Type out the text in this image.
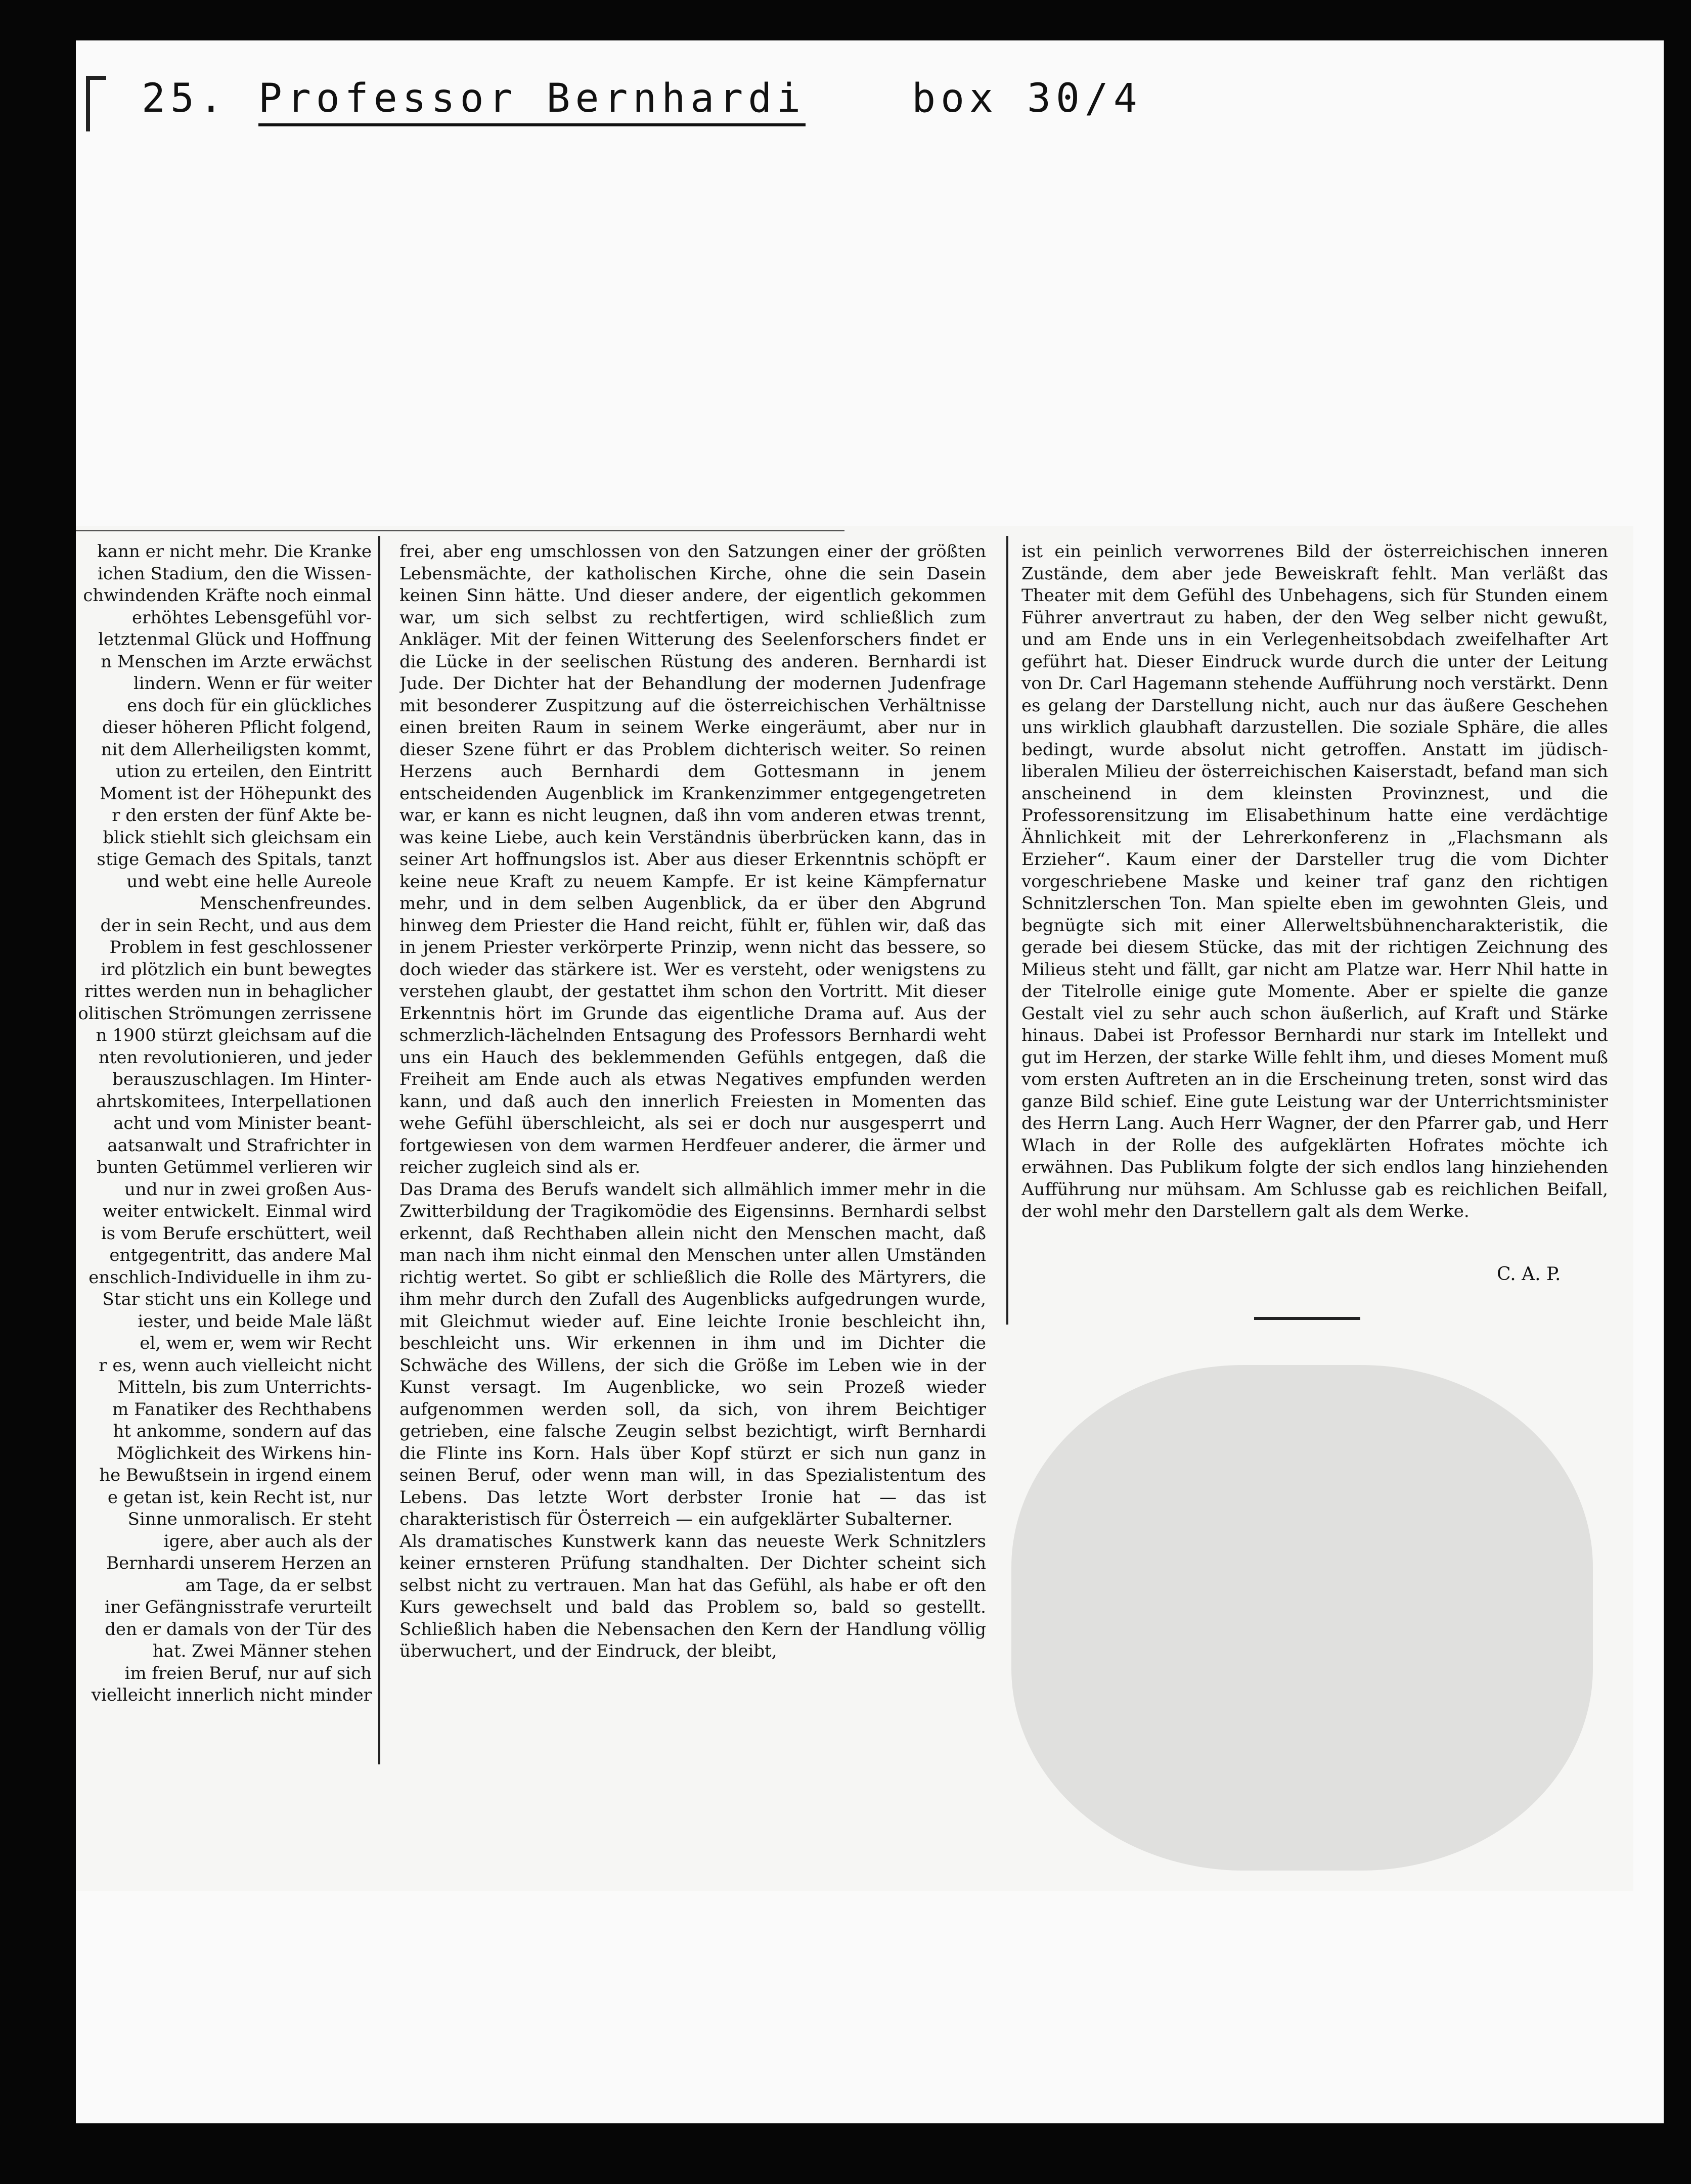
25. Professor Bernhardi	box 30/4
kann er nicht mehr. Die Kranke
ichen Stadium, den die Wissen-
chwindenden Kräfte noch einmal
erhöhtes Lebensgefühl vor-
letztenmal Glück und Hoffnung
n Menschen im Arzte erwächst
lindern. Wenn er für weiter
ens doch für ein glückliches
dieser höheren Pflicht folgend,
nit dem Allerheiligsten kommt,
ution zu erteilen, den Eintritt
Moment ist der Höhepunkt des
r den ersten der fünf Akte be-
blick stiehlt sich gleichsam ein
stige Gemach des Spitals, tanzt
und webt eine helle Aureole
Menschenfreundes.
der in sein Recht, und aus dem
Problem in fest geschlossener
ird plötzlich ein bunt bewegtes
rittes werden nun in behaglicher
olitischen Strömungen zerrissene
n 1900 stürzt gleichsam auf die
nten revolutionieren, und jeder
berauszuschlagen. Im Hinter-
ahrtskomitees, Interpellationen
acht und vom Minister beant-
aatsanwalt und Strafrichter in
bunten Getümmel verlieren wir
und nur in zwei großen Aus-
weiter entwickelt. Einmal wird
is vom Berufe erschüttert, weil
entgegentritt, das andere Mal
enschlich-Individuelle in ihm zu-
Star sticht uns ein Kollege und
iester, und beide Male läßt
el, wem er, wem wir Recht
r es, wenn auch vielleicht nicht
Mitteln, bis zum Unterrichts-
m Fanatiker des Rechthabens
ht ankomme, sondern auf das
Möglichkeit des Wirkens hin-
he Bewußtsein in irgend einem
e getan ist, kein Recht ist, nur
Sinne unmoralisch. Er steht
igere, aber auch als der
Bernhardi unserem Herzen an
am Tage, da er selbst
iner Gefängnisstrafe verurteilt
den er damals von der Tür des
hat. Zwei Männer stehen
im freien Beruf, nur auf sich
vielleicht innerlich nicht minder
frei, aber eng umschlossen von den Satzungen einer der größten Lebensmächte, der katholischen Kirche, ohne die sein Dasein keinen Sinn hätte. Und dieser andere, der eigentlich gekommen war, um sich selbst zu rechtfertigen, wird schließlich zum Ankläger. Mit der feinen Witterung des Seelenforschers findet er die Lücke in der seelischen Rüstung des anderen. Bernhardi ist Jude. Der Dichter hat der Behandlung der modernen Judenfrage mit besonderer Zuspitzung auf die österreichischen Verhältnisse einen breiten Raum in seinem Werke eingeräumt, aber nur in dieser Szene führt er das Problem dichterisch weiter. So reinen Herzens auch Bernhardi dem Gottesmann in jenem entscheidenden Augenblick im Krankenzimmer entgegengetreten war, er kann es nicht leugnen, daß ihn vom anderen etwas trennt, was keine Liebe, auch kein Verständnis überbrücken kann, das in seiner Art hoffnungslos ist. Aber aus dieser Erkenntnis schöpft er keine neue Kraft zu neuem Kampfe. Er ist keine Kämpfernatur mehr, und in dem selben Augenblick, da er über den Abgrund hinweg dem Priester die Hand reicht, fühlt er, fühlen wir, daß das in jenem Priester verkörperte Prinzip, wenn nicht das bessere, so doch wieder das stärkere ist. Wer es versteht, oder wenigstens zu verstehen glaubt, der gestattet ihm schon den Vortritt. Mit dieser Erkenntnis hört im Grunde das eigentliche Drama auf. Aus der schmerzlich-lächelnden Entsagung des Professors Bernhardi weht uns ein Hauch des beklemmenden Gefühls entgegen, daß die Freiheit am Ende auch als etwas Negatives empfunden werden kann, und daß auch den innerlich Freiesten in Momenten das wehe Gefühl überschleicht, als sei er doch nur ausgesperrt und fortgewiesen von dem warmen Herdfeuer anderer, die ärmer und reicher zugleich sind als er.
Das Drama des Berufs wandelt sich allmählich immer mehr in die Zwitterbildung der Tragikomödie des Eigensinns. Bernhardi selbst erkennt, daß Rechthaben allein nicht den Menschen macht, daß man nach ihm nicht einmal den Menschen unter allen Umständen richtig wertet. So gibt er schließlich die Rolle des Märtyrers, die ihm mehr durch den Zufall des Augenblicks aufgedrungen wurde, mit Gleichmut wieder auf. Eine leichte Ironie beschleicht ihn, beschleicht uns. Wir erkennen in ihm und im Dichter die Schwäche des Willens, der sich die Größe im Leben wie in der Kunst versagt. Im Augenblicke, wo sein Prozeß wieder aufgenommen werden soll, da sich, von ihrem Beichtiger getrieben, eine falsche Zeugin selbst bezichtigt, wirft Bernhardi die Flinte ins Korn. Hals über Kopf stürzt er sich nun ganz in seinen Beruf, oder wenn man will, in das Spezialistentum des Lebens. Das letzte Wort derbster Ironie hat — das ist charakteristisch für Österreich — ein aufgeklärter Subalterner.
Als dramatisches Kunstwerk kann das neueste Werk Schnitzlers keiner ernsteren Prüfung standhalten. Der Dichter scheint sich selbst nicht zu vertrauen. Man hat das Gefühl, als habe er oft den Kurs gewechselt und bald das Problem so, bald so gestellt. Schließlich haben die Nebensachen den Kern der Handlung völlig überwuchert, und der Eindruck, der bleibt,
ist ein peinlich verworrenes Bild der österreichischen inneren Zustände, dem aber jede Beweiskraft fehlt. Man verläßt das Theater mit dem Gefühl des Unbehagens, sich für Stunden einem Führer anvertraut zu haben, der den Weg selber nicht gewußt, und am Ende uns in ein Verlegenheitsobdach zweifelhafter Art geführt hat. Dieser Eindruck wurde durch die unter der Leitung von Dr. Carl Hagemann stehende Aufführung noch verstärkt. Denn es gelang der Darstellung nicht, auch nur das äußere Geschehen uns wirklich glaubhaft darzustellen. Die soziale Sphäre, die alles bedingt, wurde absolut nicht getroffen. Anstatt im jüdisch-liberalen Milieu der österreichischen Kaiserstadt, befand man sich anscheinend in dem kleinsten Provinznest, und die Professorensitzung im Elisabethinum hatte eine verdächtige Ähnlichkeit mit der Lehrerkonferenz in „Flachsmann als Erzieher“. Kaum einer der Darsteller trug die vom Dichter vorgeschriebene Maske und keiner traf ganz den richtigen Schnitzlerschen Ton. Man spielte eben im gewohnten Gleis, und begnügte sich mit einer Allerweltsbühnencharakteristik, die gerade bei diesem Stücke, das mit der richtigen Zeichnung des Milieus steht und fällt, gar nicht am Platze war. Herr Nhil hatte in der Titelrolle einige gute Momente. Aber er spielte die ganze Gestalt viel zu sehr auch schon äußerlich, auf Kraft und Stärke hinaus. Dabei ist Professor Bernhardi nur stark im Intellekt und gut im Herzen, der starke Wille fehlt ihm, und dieses Moment muß vom ersten Auftreten an in die Erscheinung treten, sonst wird das ganze Bild schief. Eine gute Leistung war der Unterrichtsminister des Herrn Lang. Auch Herr Wagner, der den Pfarrer gab, und Herr Wlach in der Rolle des aufgeklärten Hofrates möchte ich erwähnen. Das Publikum folgte der sich endlos lang hinziehenden Aufführung nur mühsam. Am Schlusse gab es reichlichen Beifall, der wohl mehr den Darstellern galt als dem Werke.
C. A. P.
